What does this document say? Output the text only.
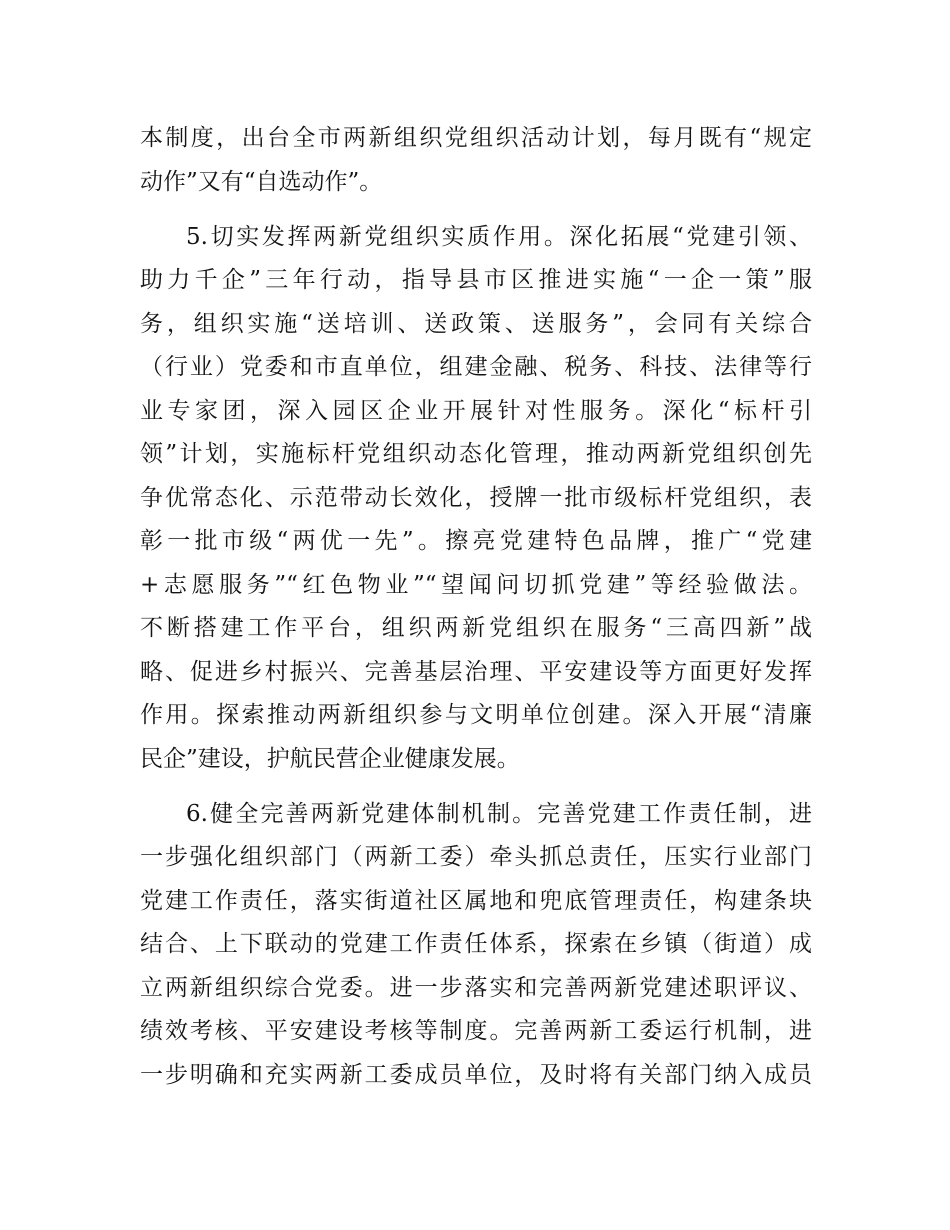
本制度，出台全市两新组织党组织活动计划，每月既有“规定
动作”又有“自选动作”。
5.切实发挥两新党组织实质作用。深化拓展“党建引领、
助力千企”三年行动，指导县市区推进实施“一企一策”服
务，组织实施“送培训、送政策、送服务”，会同有关综合
（行业）党委和市直单位，组建金融、税务、科技、法律等行
业专家团，深入园区企业开展针对性服务。深化“标杆引
领”计划，实施标杆党组织动态化管理，推动两新党组织创先
争优常态化、示范带动长效化，授牌一批市级标杆党组织，表
彰一批市级“两优一先”。擦亮党建特色品牌，推广“党建
+志愿服务”“红色物业”“望闻问切抓党建”等经验做法。
不断搭建工作平台，组织两新党组织在服务“三高四新”战
略、促进乡村振兴、完善基层治理、平安建设等方面更好发挥
作用。探索推动两新组织参与文明单位创建。深入开展“清廉
民企”建设，护航民营企业健康发展。
6.健全完善两新党建体制机制。完善党建工作责任制，进
一步强化组织部门（两新工委）牵头抓总责任，压实行业部门
党建工作责任，落实街道社区属地和兜底管理责任，构建条块
结合、上下联动的党建工作责任体系，探索在乡镇（街道）成
立两新组织综合党委。进一步落实和完善两新党建述职评议、
绩效考核、平安建设考核等制度。完善两新工委运行机制，进
一步明确和充实两新工委成员单位，及时将有关部门纳入成员
